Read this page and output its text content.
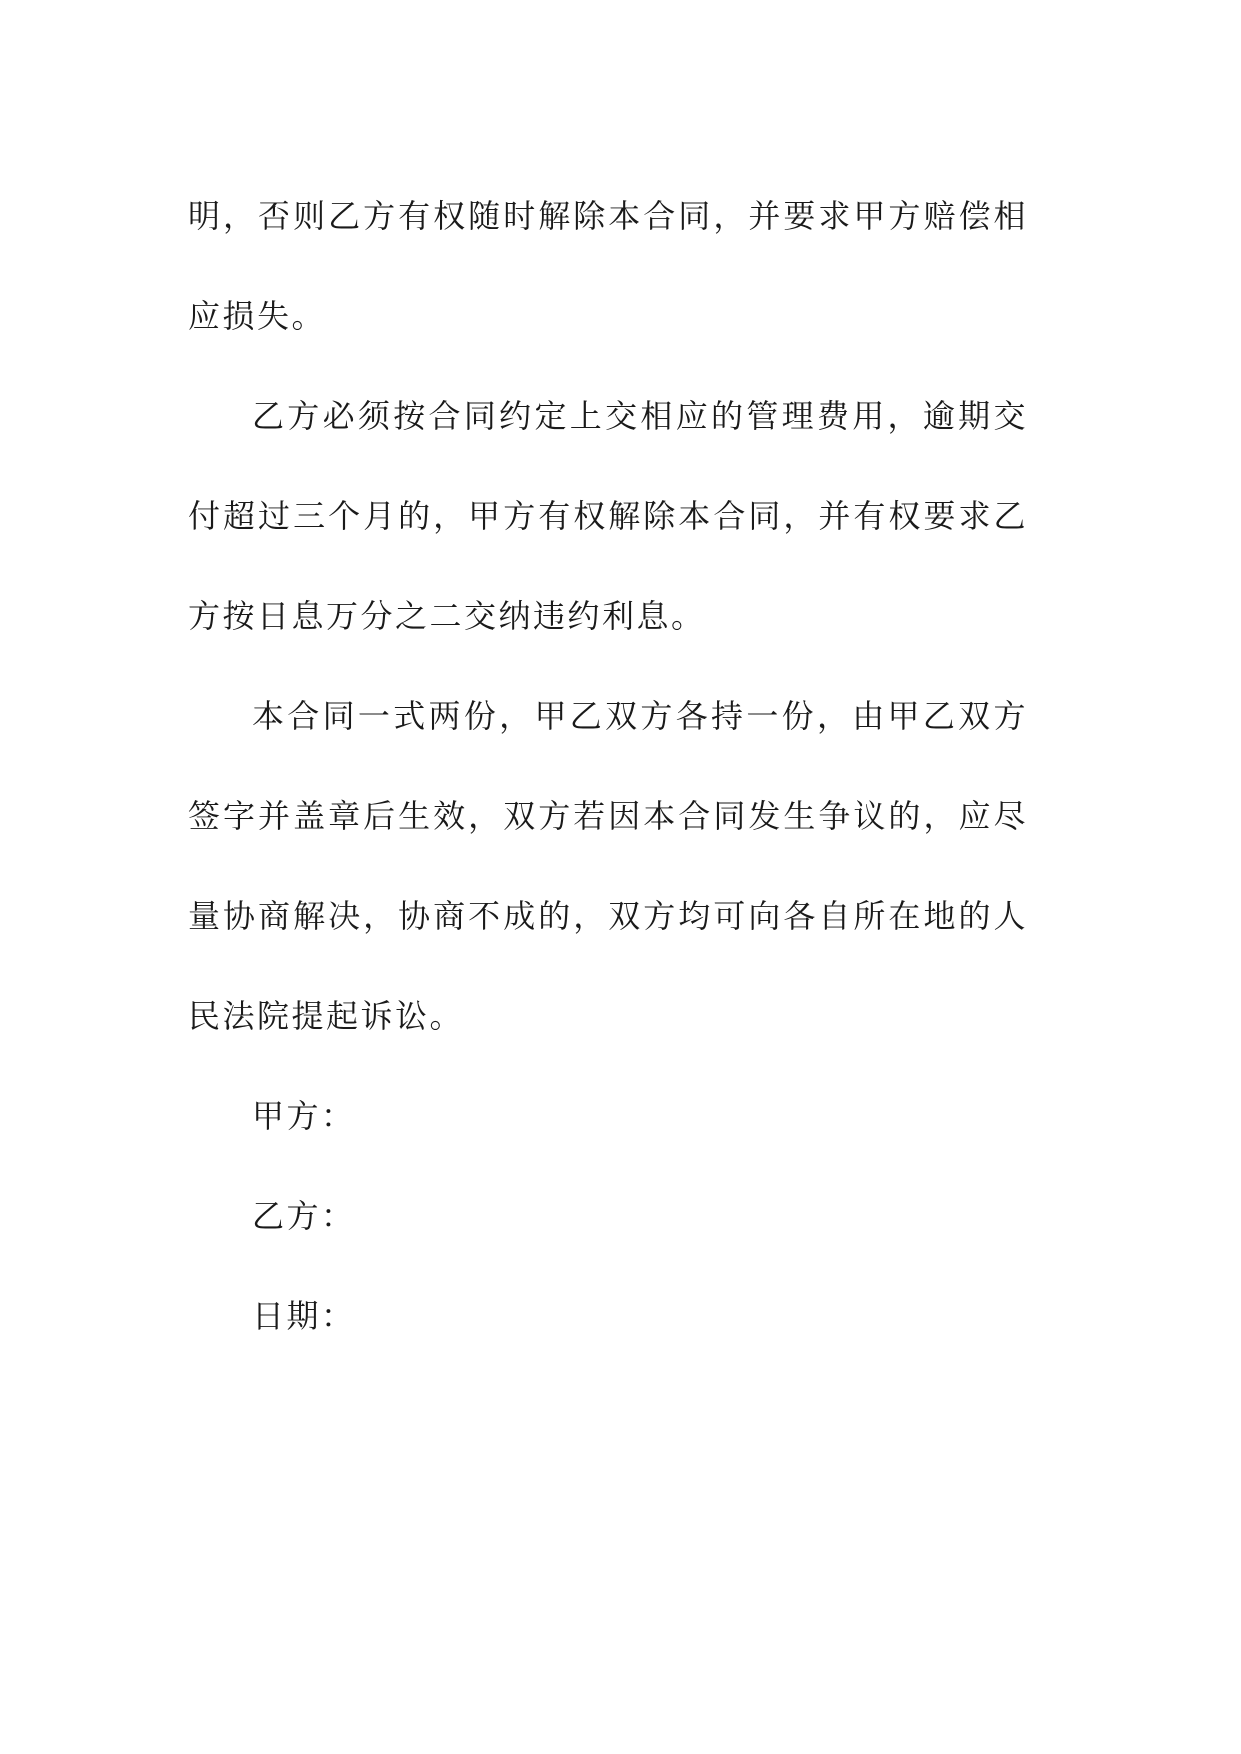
明，否则乙方有权随时解除本合同，并要求甲方赔偿相应损失。

乙方必须按合同约定上交相应的管理费用，逾期交付超过三个月的，甲方有权解除本合同，并有权要求乙方按日息万分之二交纳违约利息。

本合同一式两份，甲乙双方各持一份，由甲乙双方签字并盖章后生效，双方若因本合同发生争议的，应尽量协商解决，协商不成的，双方均可向各自所在地的人民法院提起诉讼。

甲方：

乙方：

日期：
